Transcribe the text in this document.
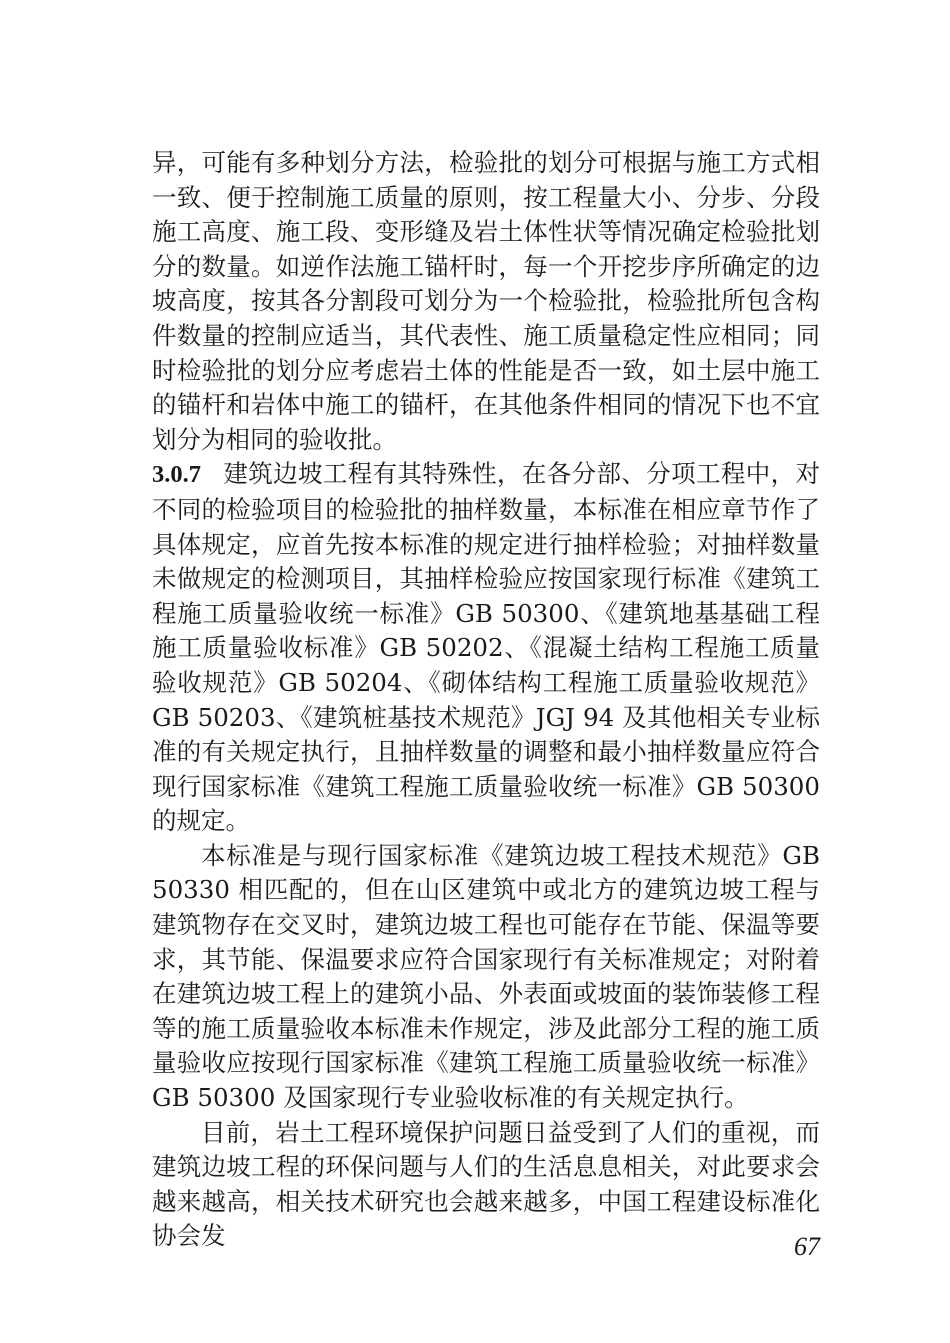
异，可能有多种划分方法，检验批的划分可根据与施工方式相一致、便于控制施工质量的原则，按工程量大小、分步、分段施工高度、施工段、变形缝及岩土体性状等情况确定检验批划分的数量。如逆作法施工锚杆时，每一个开挖步序所确定的边坡高度，按其各分割段可划分为一个检验批，检验批所包含构件数量的控制应适当，其代表性、施工质量稳定性应相同；同时检验批的划分应考虑岩土体的性能是否一致，如土层中施工的锚杆和岩体中施工的锚杆，在其他条件相同的情况下也不宜划分为相同的验收批。

3.0.7 建筑边坡工程有其特殊性，在各分部、分项工程中，对不同的检验项目的检验批的抽样数量，本标准在相应章节作了具体规定，应首先按本标准的规定进行抽样检验；对抽样数量未做规定的检测项目，其抽样检验应按国家现行标准《建筑工程施工质量验收统一标准》GB 50300、《建筑地基基础工程施工质量验收标准》GB 50202、《混凝土结构工程施工质量验收规范》GB 50204、《砌体结构工程施工质量验收规范》GB 50203、《建筑桩基技术规范》JGJ 94 及其他相关专业标准的有关规定执行，且抽样数量的调整和最小抽样数量应符合现行国家标准《建筑工程施工质量验收统一标准》GB 50300 的规定。

本标准是与现行国家标准《建筑边坡工程技术规范》GB 50330 相匹配的，但在山区建筑中或北方的建筑边坡工程与建筑物存在交叉时，建筑边坡工程也可能存在节能、保温等要求，其节能、保温要求应符合国家现行有关标准规定；对附着在建筑边坡工程上的建筑小品、外表面或坡面的装饰装修工程等的施工质量验收本标准未作规定，涉及此部分工程的施工质量验收应按现行国家标准《建筑工程施工质量验收统一标准》GB 50300 及国家现行专业验收标准的有关规定执行。

目前，岩土工程环境保护问题日益受到了人们的重视，而建筑边坡工程的环保问题与人们的生活息息相关，对此要求会越来越高，相关技术研究也会越来越多，中国工程建设标准化协会发	67
